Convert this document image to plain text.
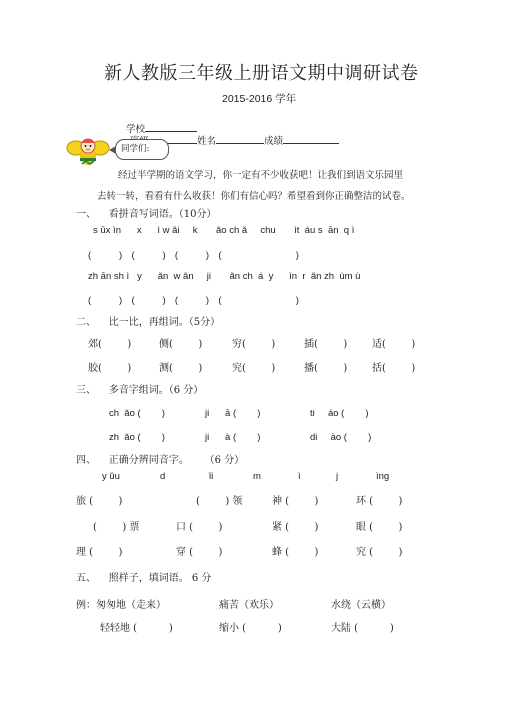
新人教版三年级上册语文期中调研试卷
2015-2016 学年

学校
姓名	成绩

同学们:
经过半学期的语文学习，你一定有不少收获吧！让我们到语文乐园里
去转一转，看看有什么收获！你们有信心吗？希望看到你正确整洁的试卷。
一、    看拼音写词语。（10分）
s ūx ìn      x      ì w ǎi     k       ǎo ch ǎ     chu       ìt  áu s  ān  q ì
(      )  (      )  (      )  (                )
zh ān sh ì   y      ǎn  w ǎn     ji       ǎn ch  á  y      ìn  r  ǎn zh  ùm ù
(      )  (      )  (      )  (                )
二、    比一比，再组词。（5分）
郊(        )	侧(        )	穷(        )	插(        ) 适(        )
胶(        )	测(        )	究(        )	播(        ) 括(        )
三、    多音字组词。（6 分）
ch  ǎo (        )	ji      ā (        )	ti     áo (        )
zh  ǎo (        )	ji      à (        )	di     ào (        )
四、    正确分辨同音字。     （6 分）
y ǔu	d	ǐi	m	ì	j	ìng
旅 (        )	(        ) 领	神 (        )	环 (        )
(        ) 票	口 (        )	紧 (        )	眼 (        )
理 (        )	穿 (        )	蜂 (        )	究 (        )
五、    照样子，填词语。 6 分
例：匆匆地（走来）	痛苦（欢乐）	水绕（云横）
轻轻地 (          )	缩小 (          )	大陆 (          )
